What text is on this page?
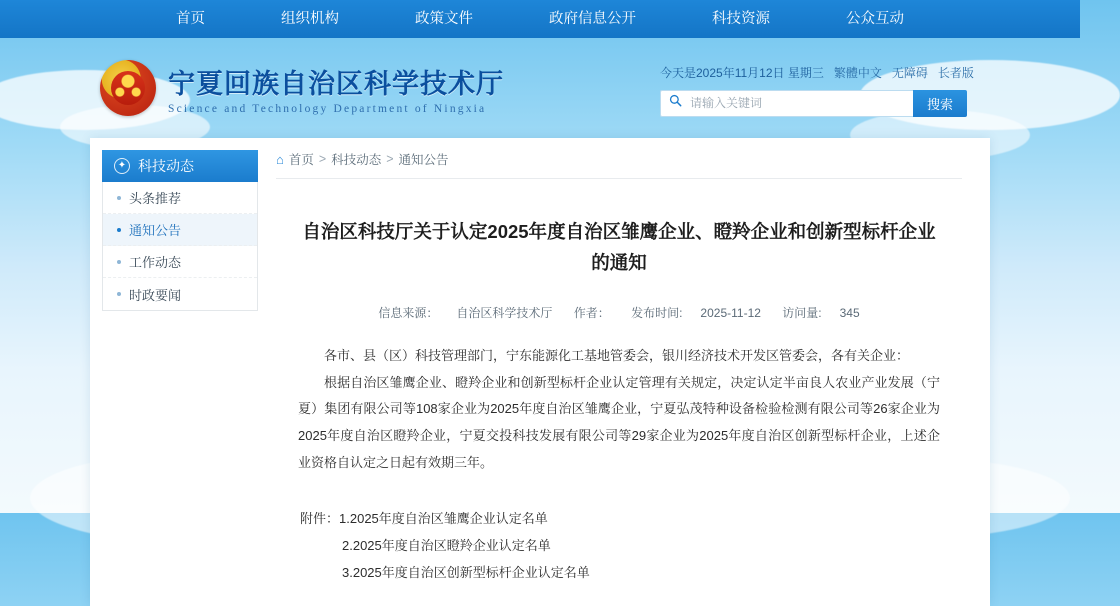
首页	组织机构	政策文件	政府信息公开	科技资源	公众互动
宁夏回族自治区科学技术厅
Science and Technology Department of Ningxia
今天是2025年11月12日 星期三 繁體中文 无障碍 长者版
请输入关键词
搜索
✦ 科技动态
头条推荐
通知公告
工作动态
时政要闻
⌂ 首页 > 科技动态 > 通知公告
自治区科技厅关于认定2025年度自治区雏鹰企业、瞪羚企业和创新型标杆企业的通知
信息来源： 自治区科学技术厅 作者： 发布时间: 2025-11-12 访问量: 345

各市、县（区）科技管理部门，宁东能源化工基地管委会，银川经济技术开发区管委会，各有关企业：

根据自治区雏鹰企业、瞪羚企业和创新型标杆企业认定管理有关规定，决定认定半亩良人农业产业发展（宁夏）集团有限公司等108家企业为2025年度自治区雏鹰企业，宁夏弘茂特种设备检验检测有限公司等26家企业为2025年度自治区瞪羚企业，宁夏交投科技发展有限公司等29家企业为2025年度自治区创新型标杆企业，上述企业资格自认定之日起有效期三年。

附件：1.2025年度自治区雏鹰企业认定名单
2.2025年度自治区瞪羚企业认定名单
3.2025年度自治区创新型标杆企业认定名单
